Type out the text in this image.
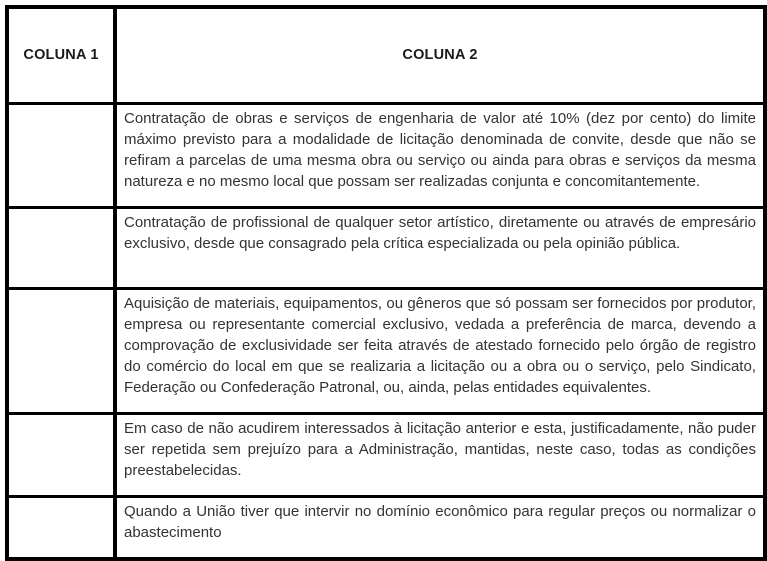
COLUNA 1	COLUNA 2
	Contratação de obras e serviços de engenharia de valor até 10% (dez por cento) do limite máximo previsto para a modalidade de licitação denominada de convite, desde que não se refiram a parcelas de uma mesma obra ou serviço ou ainda para obras e serviços da mesma natureza e no mesmo local que possam ser realizadas conjunta e concomitantemente.
	Contratação de profissional de qualquer setor artístico, diretamente ou através de empresário exclusivo, desde que consagrado pela crítica especializada ou pela opinião pública.
	Aquisição de materiais, equipamentos, ou gêneros que só possam ser fornecidos por produtor, empresa ou representante comercial exclusivo, vedada a preferência de marca, devendo a comprovação de exclusividade ser feita através de atestado fornecido pelo órgão de registro do comércio do local em que se realizaria a licitação ou a obra ou o serviço, pelo Sindicato, Federação ou Confederação Patronal, ou, ainda, pelas entidades equivalentes.
	Em caso de não acudirem interessados à licitação anterior e esta, justificadamente, não puder ser repetida sem prejuízo para a Administração, mantidas, neste caso, todas as condições preestabelecidas.
	Quando a União tiver que intervir no domínio econômico para regular preços ou normalizar o abastecimento
